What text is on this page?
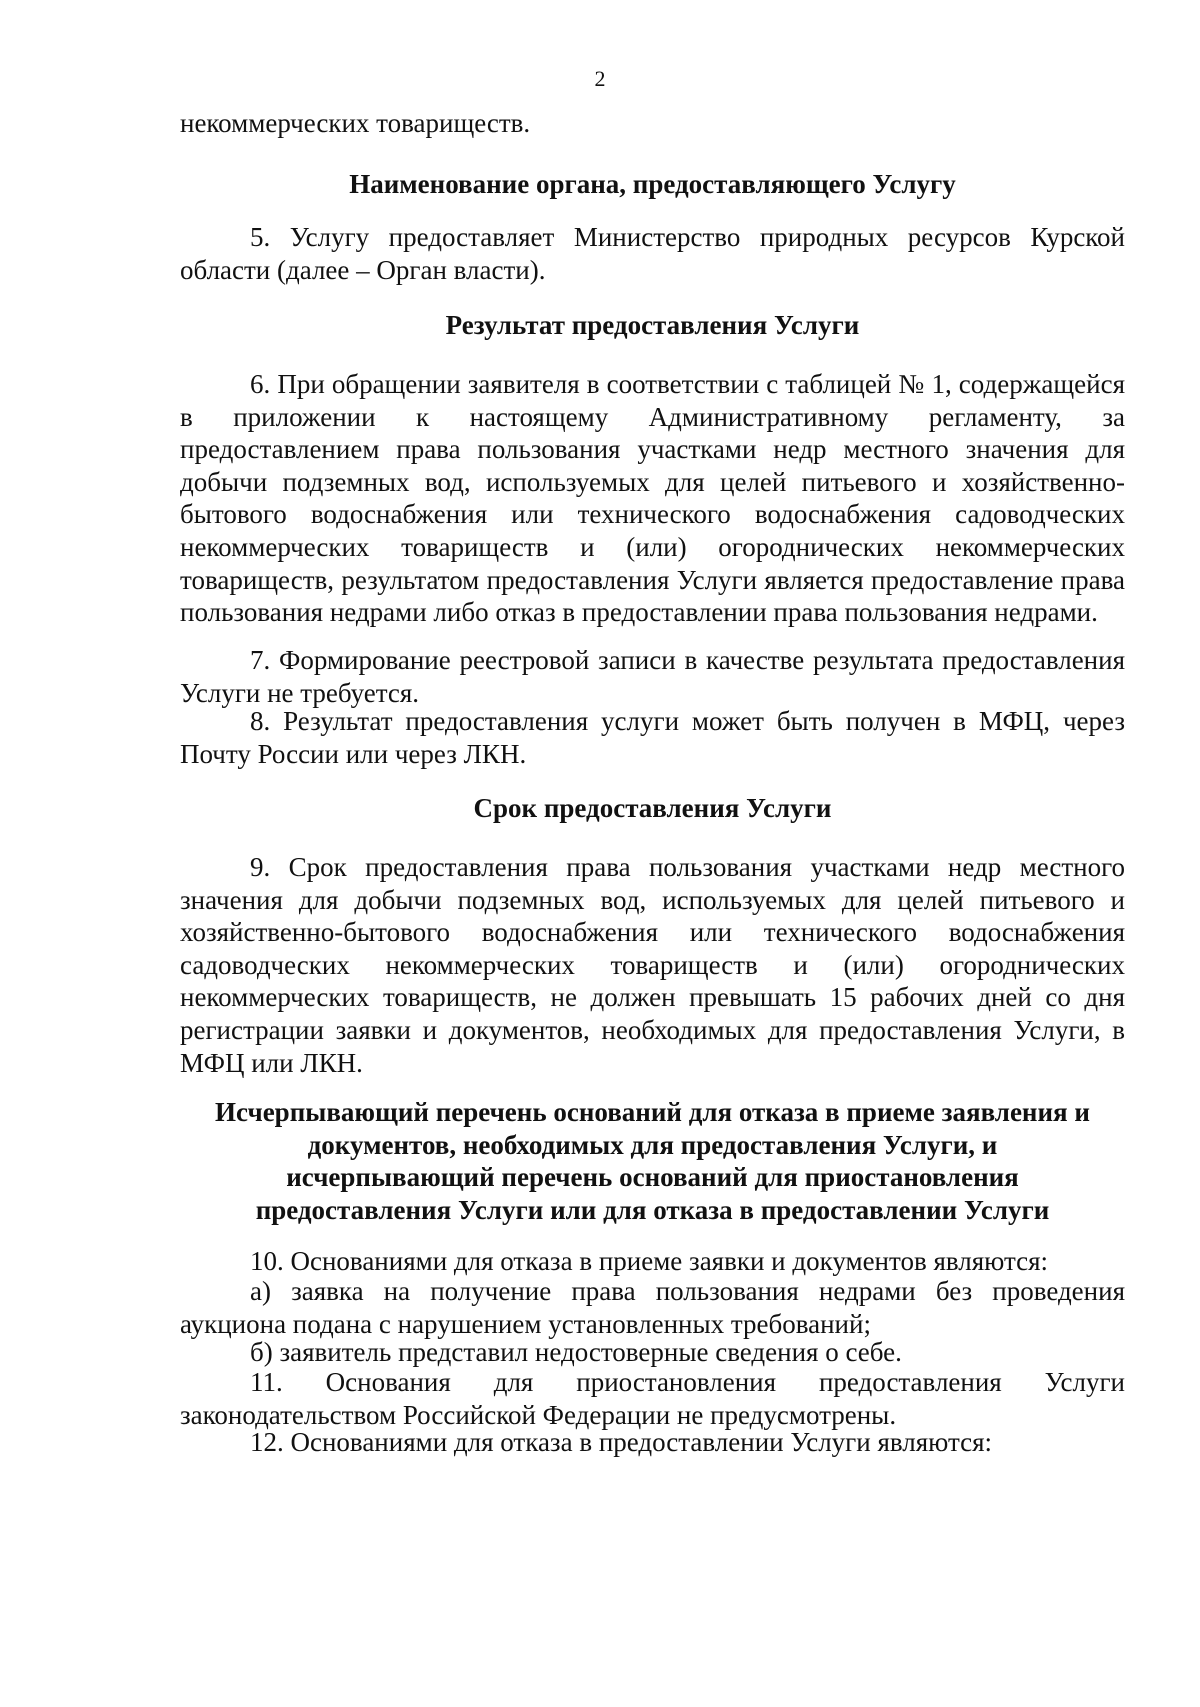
2
некоммерческих товариществ.
Наименование органа, предоставляющего Услугу
5. Услугу предоставляет Министерство природных ресурсов Курской области (далее – Орган власти).
Результат предоставления Услуги
6. При обращении заявителя в соответствии с таблицей № 1, содержащейся в приложении к настоящему Административному регламенту, за предоставлением права пользования участками недр местного значения для добычи подземных вод, используемых для целей питьевого и хозяйственно-бытового водоснабжения или технического водоснабжения садоводческих некоммерческих товариществ и (или) огороднических некоммерческих товариществ, результатом предоставления Услуги является предоставление права пользования недрами либо отказ в предоставлении права пользования недрами.
7. Формирование реестровой записи в качестве результата предоставления Услуги не требуется.
8. Результат предоставления услуги может быть получен в МФЦ, через Почту России или через ЛКН.
Срок предоставления Услуги
9. Срок предоставления права пользования участками недр местного значения для добычи подземных вод, используемых для целей питьевого и хозяйственно-бытового водоснабжения или технического водоснабжения садоводческих некоммерческих товариществ и (или) огороднических некоммерческих товариществ, не должен превышать 15 рабочих дней со дня регистрации заявки и документов, необходимых для предоставления Услуги, в МФЦ или ЛКН.
Исчерпывающий перечень оснований для отказа в приеме заявления и
документов, необходимых для предоставления Услуги, и
исчерпывающий перечень оснований для приостановления
предоставления Услуги или для отказа в предоставлении Услуги
10. Основаниями для отказа в приеме заявки и документов являются:
а) заявка на получение права пользования недрами без проведения аукциона подана с нарушением установленных требований;
б) заявитель представил недостоверные сведения о себе.
11. Основания для приостановления предоставления Услуги законодательством Российской Федерации не предусмотрены.
12. Основаниями для отказа в предоставлении Услуги являются:
